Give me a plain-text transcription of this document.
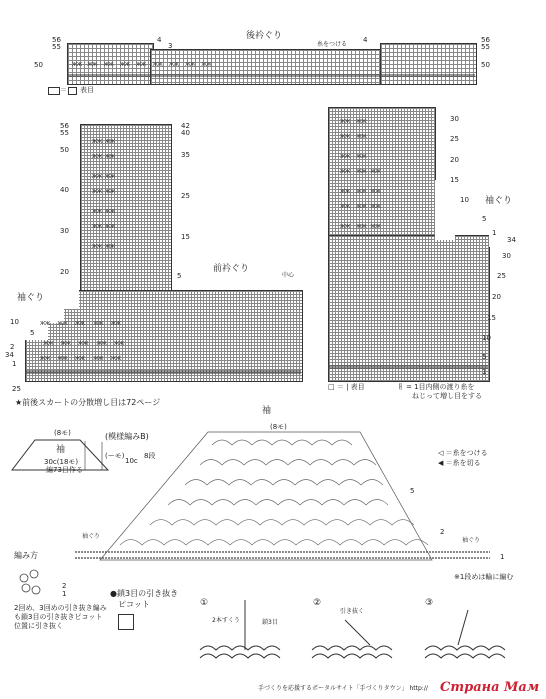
ЖЖ     ЖЖ      ЖЖ      ЖЖ      ЖЖ      ЖЖ      ЖЖ      ЖЖ      ЖЖ
後衿ぐり
糸をつける
56
55
56
55
50	50
4
3
4
＝ 表目
ЖЖ   ЖЖ

ЖЖ   ЖЖ

ЖЖ   ЖЖ

ЖЖ   ЖЖ

ЖЖ   ЖЖ

ЖЖ   ЖЖ

ЖЖ   ЖЖ
ЖЖ       ЖЖ       ЖЖ        ЖЖ       ЖЖ

ЖЖ       ЖЖ       ЖЖ        ЖЖ       ЖЖ

ЖЖ       ЖЖ       ЖЖ        ЖЖ       ЖЖ
前衿ぐり
中心
袖ぐり
56
55
50
40
30
20
10
5
2
34
1
25
42
40
35
25
15
5
★前後スカートの分散増し目は72ページ
ЖЖ      ЖЖ

ЖЖ      ЖЖ

ЖЖ      ЖЖ

ЖЖ      ЖЖ    ЖЖ

ЖЖ      ЖЖ    ЖЖ

ЖЖ      ЖЖ    ЖЖ

ЖЖ      ЖЖ    ЖЖ
袖ぐり
30
25
20
15
10
5
1
34
30
25
20
15
10
5
1
□ ＝ | 表目	ㅐ = 1目内側の渡り糸を
ねじって増し目をする
(8モ)
袖
30c(18モ)
編73目作る
(模様編みB)
(ーモ)
10c
8段
袖
(8モ)
◁ ＝糸をつける
◀ ＝糸を切る
5
2
1
袖ぐり
袖ぐり
※1段めは輪に編む
編み方
2
1
2回め、3回めの引き抜き編み
も鎖3目の引き抜きピコット
位置に引き抜く
●鎖3目の引き抜き
ピコット	①	②	③
2本すくう	鎖3目
引き抜く
手づくりを応援するポータルサイト「手づくりタウン」 http:// Страна Мам
